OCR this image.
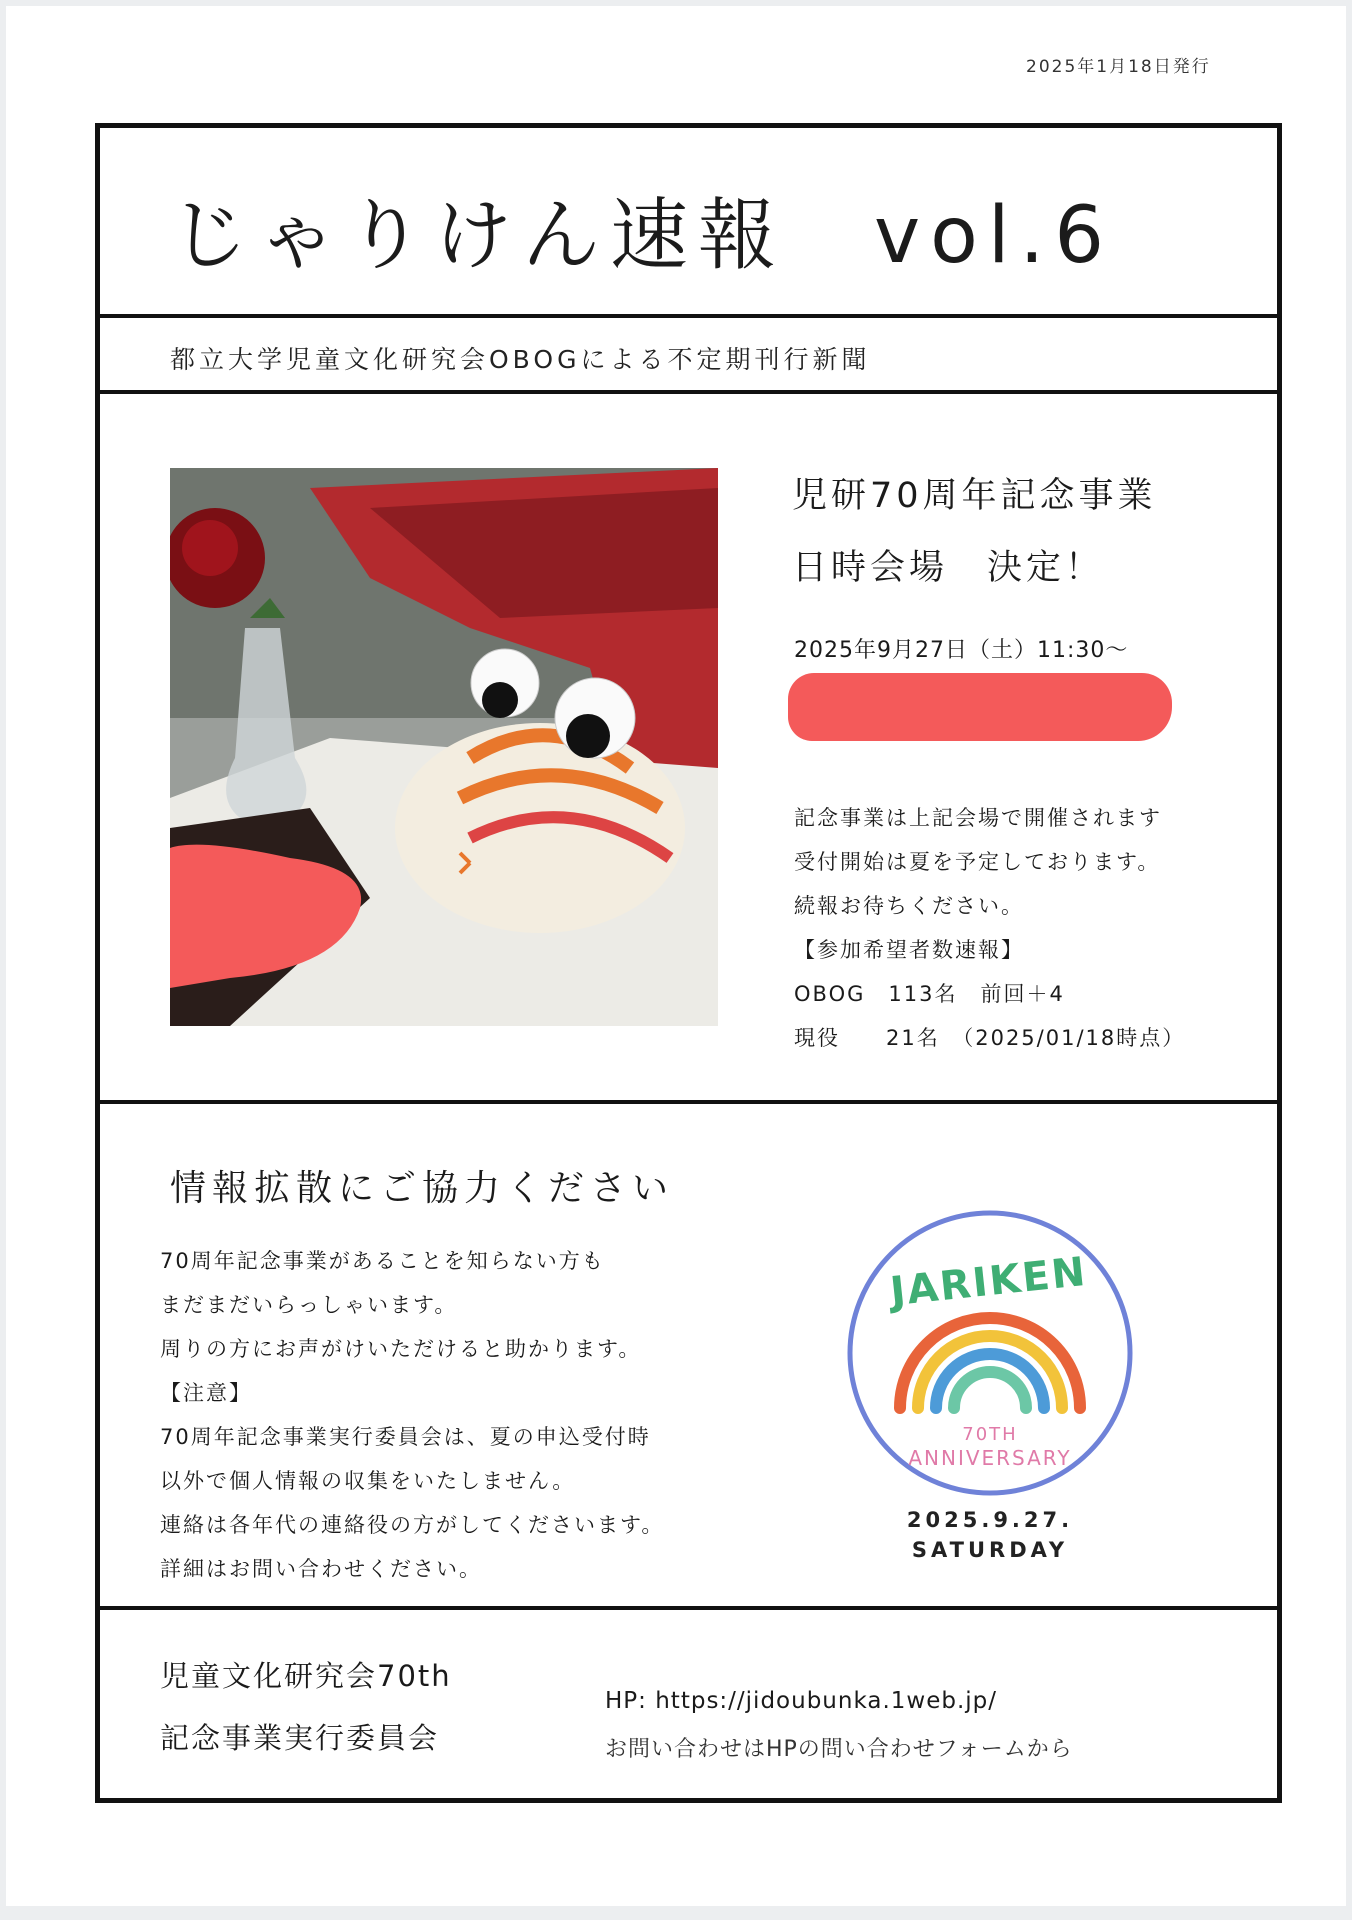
2025年1月18日発行
じゃりけん速報　vol.6
都立大学児童文化研究会OBOGによる不定期刊行新聞
児研70周年記念事業
日時会場　決定！
2025年9月27日（土）11:30〜
記念事業は上記会場で開催されます
受付開始は夏を予定しております。
続報お待ちください。
【参加希望者数速報】
OBOG　113名　前回＋4
現役　　21名　（2025/01/18時点）
情報拡散にご協力ください
70周年記念事業があることを知らない方も
まだまだいらっしゃいます。
周りの方にお声がけいただけると助かります。
【注意】
70周年記念事業実行委員会は、夏の申込受付時
以外で個人情報の収集をいたしません。
連絡は各年代の連絡役の方がしてくださいます。
詳細はお問い合わせください。
JARIKEN
70TH
ANNIVERSARY
2025.9.27.
SATURDAY
児童文化研究会70th
記念事業実行委員会
HP: https://jidoubunka.1web.jp/
お問い合わせはHPの問い合わせフォームから
